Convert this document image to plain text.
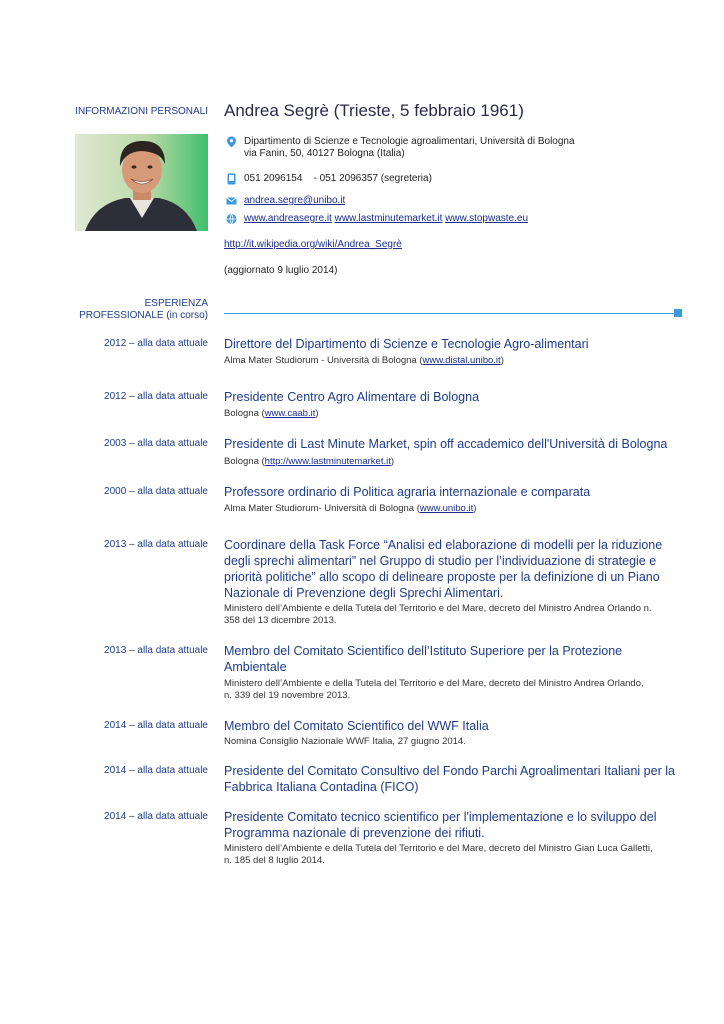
INFORMAZIONI PERSONALI Andrea Segrè (Trieste, 5 febbraio 1961)
Dipartimento di Scienze e Tecnologie agroalimentari, Università di Bologna
via Fanin, 50, 40127 Bologna (Italia)
051 2096154    - 051 2096357 (segreteria)
andrea.segre@unibo.it
www.andreasegre.it www.lastminutemarket.it www.stopwaste.eu
http://it.wikipedia.org/wiki/Andrea_Segrè
(aggiornato 9 luglio 2014)
ESPERIENZA
PROFESSIONALE (in corso)
2012 – alla data attuale Direttore del Dipartimento di Scienze e Tecnologie Agro-alimentari
Alma Mater Studiorum - Università di Bologna (www.distal.unibo.it)
2012 – alla data attuale Presidente Centro Agro Alimentare di Bologna
Bologna (www.caab.it)
2003 – alla data attuale Presidente di Last Minute Market, spin off accademico dell'Università di Bologna
Bologna (http://www.lastminutemarket.it)
2000 – alla data attuale Professore ordinario di Politica agraria internazionale e comparata
Alma Mater Studiorum- Università di Bologna (www.unibo.it)
2013 – alla data attuale Coordinare della Task Force “Analisi ed elaborazione di modelli per la riduzione
degli sprechi alimentari” nel Gruppo di studio per l’individuazione di strategie e
priorità politiche” allo scopo di delineare proposte per la definizione di un Piano
Nazionale di Prevenzione degli Sprechi Alimentari.
Ministero dell’Ambiente e della Tutela del Territorio e del Mare, decreto del Ministro Andrea Orlando n.
358 del 13 dicembre 2013.
2013 – alla data attuale Membro del Comitato Scientifico dell’Istituto Superiore per la Protezione
Ambientale
Ministero dell’Ambiente e della Tutela del Territorio e del Mare, decreto del Ministro Andrea Orlando,
n. 339 del 19 novembre 2013.
2014 – alla data attuale Membro del Comitato Scientifico del WWF Italia
Nomina Consiglio Nazionale WWF Italia, 27 giugno 2014.
2014 – alla data attuale Presidente del Comitato Consultivo del Fondo Parchi Agroalimentari Italiani per la
Fabbrica Italiana Contadina (FICO)
2014 – alla data attuale Presidente Comitato tecnico scientifico per l'implementazione e lo sviluppo del
Programma nazionale di prevenzione dei rifiuti.
Ministero dell’Ambiente e della Tutela del Territorio e del Mare, decreto del Ministro Gian Luca Galletti,
n. 185 del 8 luglio 2014.
